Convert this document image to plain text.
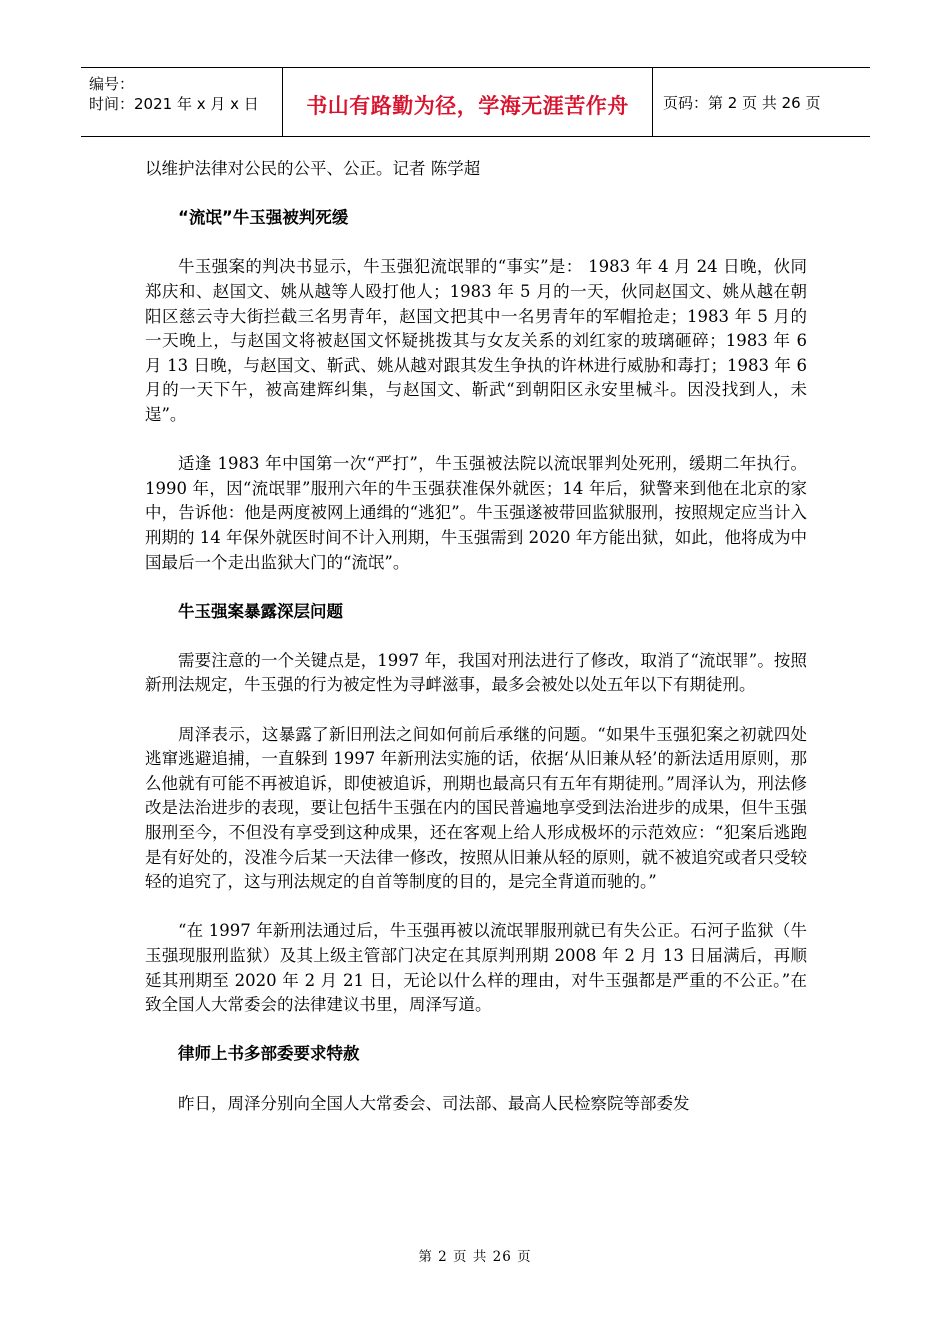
编号：
时间：2021 年 x 月 x 日	书山有路勤为径，学海无涯苦作舟 页码：第 2 页 共 26 页

以维护法律对公民的公平、公正。记者 陈学超

“流氓”牛玉强被判死缓

牛玉强案的判决书显示，牛玉强犯流氓罪的“事实”是： 1983 年 4 月 24 日晚，伙同郑庆和、赵国文、姚从越等人殴打他人；1983 年 5 月的一天，伙同赵国文、姚从越在朝阳区慈云寺大街拦截三名男青年，赵国文把其中一名男青年的军帽抢走；1983 年 5 月的一天晚上，与赵国文将被赵国文怀疑挑拨其与女友关系的刘红家的玻璃砸碎；1983 年 6 月 13 日晚，与赵国文、靳武、姚从越对跟其发生争执的许林进行威胁和毒打；1983 年 6 月的一天下午，被高建辉纠集，与赵国文、靳武“到朝阳区永安里械斗。因没找到人，未逞”。

适逢 1983 年中国第一次“严打”，牛玉强被法院以流氓罪判处死刑，缓期二年执行。1990 年，因“流氓罪”服刑六年的牛玉强获准保外就医；14 年后，狱警来到他在北京的家中，告诉他：他是两度被网上通缉的“逃犯”。牛玉强遂被带回监狱服刑，按照规定应当计入刑期的 14 年保外就医时间不计入刑期，牛玉强需到 2020 年方能出狱，如此，他将成为中国最后一个走出监狱大门的“流氓”。

牛玉强案暴露深层问题

需要注意的一个关键点是，1997 年，我国对刑法进行了修改，取消了“流氓罪”。按照新刑法规定，牛玉强的行为被定性为寻衅滋事，最多会被处以处五年以下有期徒刑。

周泽表示，这暴露了新旧刑法之间如何前后承继的问题。“如果牛玉强犯案之初就四处逃窜逃避追捕，一直躲到 1997 年新刑法实施的话，依据‘从旧兼从轻’的新法适用原则，那么他就有可能不再被追诉，即使被追诉，刑期也最高只有五年有期徒刑。”周泽认为，刑法修改是法治进步的表现，要让包括牛玉强在内的国民普遍地享受到法治进步的成果，但牛玉强服刑至今，不但没有享受到这种成果，还在客观上给人形成极坏的示范效应：“犯案后逃跑是有好处的，没准今后某一天法律一修改，按照从旧兼从轻的原则，就不被追究或者只受较轻的追究了，这与刑法规定的自首等制度的目的，是完全背道而驰的。”

“在 1997 年新刑法通过后，牛玉强再被以流氓罪服刑就已有失公正。石河子监狱（牛玉强现服刑监狱）及其上级主管部门决定在其原判刑期 2008 年 2 月 13 日届满后，再顺延其刑期至 2020 年 2 月 21 日，无论以什么样的理由，对牛玉强都是严重的不公正。”在致全国人大常委会的法律建议书里，周泽写道。

律师上书多部委要求特赦

昨日，周泽分别向全国人大常委会、司法部、最高人民检察院等部委发

第 2 页 共 26 页
